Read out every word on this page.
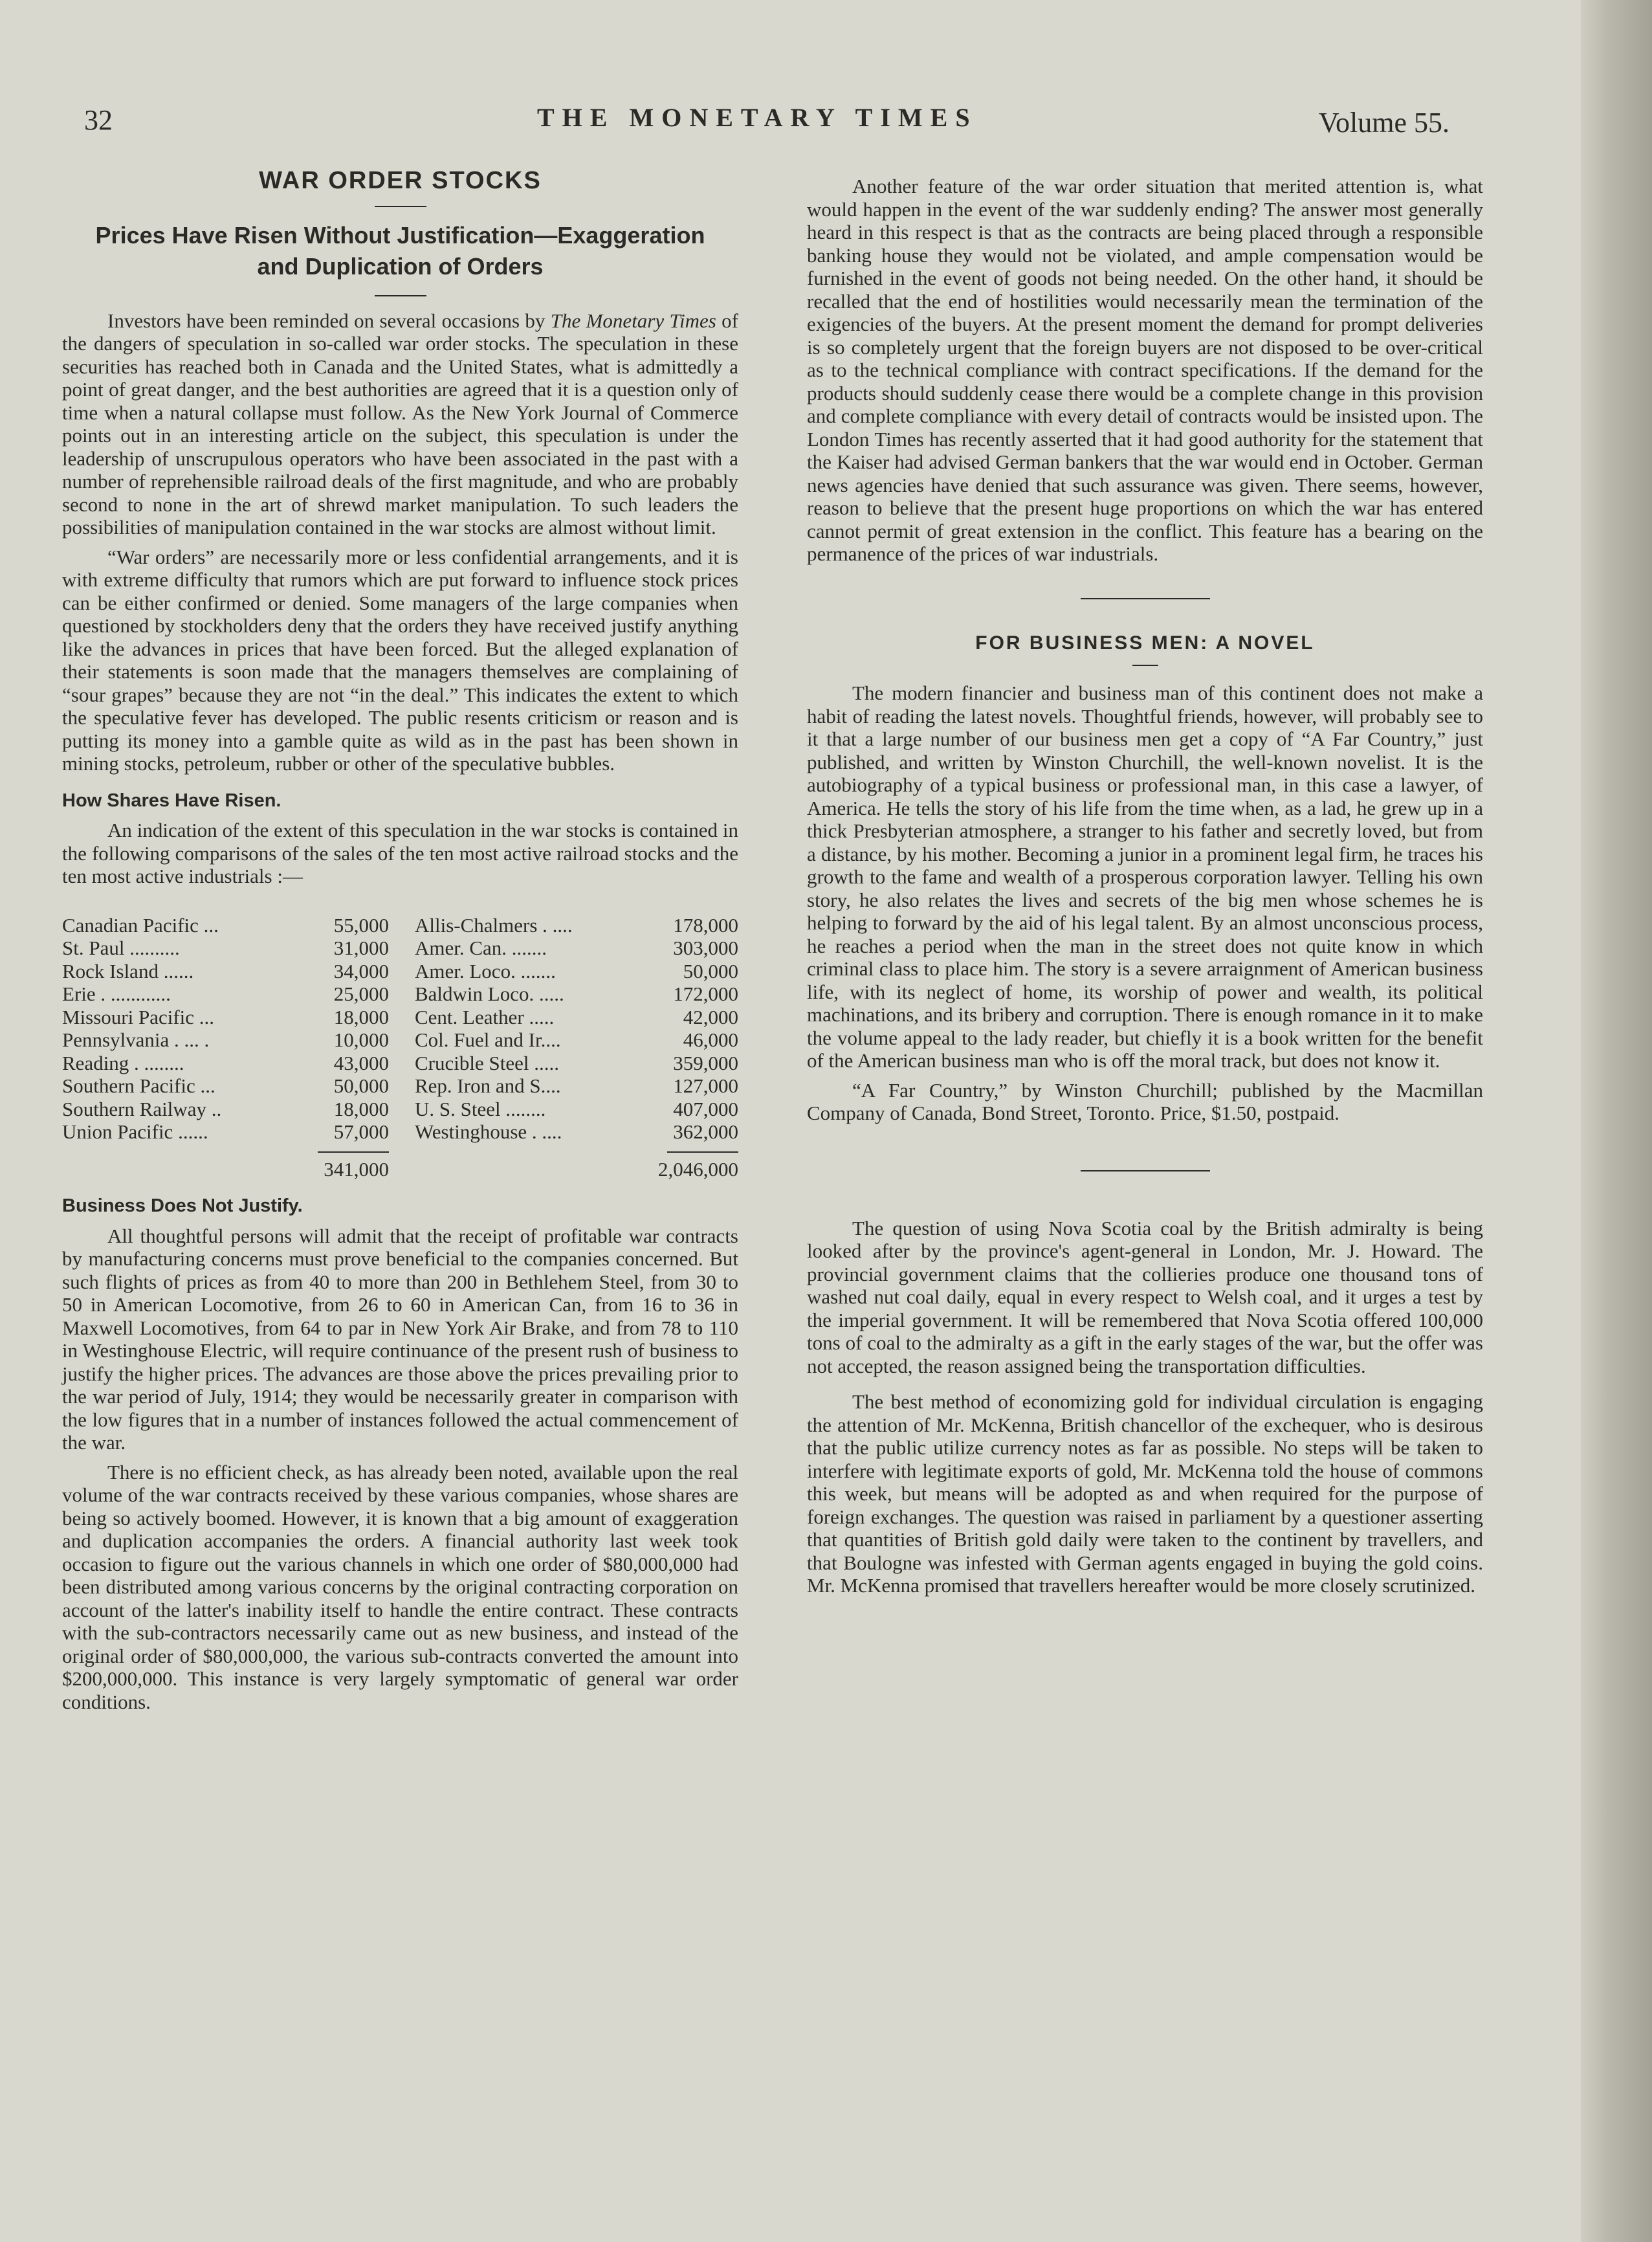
32	THE MONETARY TIMES	Volume 55.
WAR ORDER STOCKS
Prices Have Risen Without Justification—Exaggeration and Duplication of Orders

Investors have been reminded on several occasions by The Monetary Times of the dangers of speculation in so-called war order stocks. The speculation in these securities has reached both in Canada and the United States, what is admittedly a point of great danger, and the best authorities are agreed that it is a question only of time when a natural collapse must follow. As the New York Journal of Commerce points out in an interesting article on the subject, this speculation is under the leadership of unscrupulous operators who have been associated in the past with a number of reprehensible railroad deals of the first magnitude, and who are probably second to none in the art of shrewd market manipulation. To such leaders the possibilities of manipulation contained in the war stocks are almost without limit.

“War orders” are necessarily more or less confidential arrangements, and it is with extreme difficulty that rumors which are put forward to influence stock prices can be either confirmed or denied. Some managers of the large companies when questioned by stockholders deny that the orders they have received justify anything like the advances in prices that have been forced. But the alleged explanation of their statements is soon made that the managers themselves are complaining of “sour grapes” because they are not “in the deal.” This indicates the extent to which the speculative fever has developed. The public resents criticism or reason and is putting its money into a gamble quite as wild as in the past has been shown in mining stocks, petroleum, rubber or other of the speculative bubbles.

How Shares Have Risen.

An indication of the extent of this speculation in the war stocks is contained in the following comparisons of the sales of the ten most active railroad stocks and the ten most active industrials :—

Canadian Pacific ...	55,000 Allis-Chalmers . ....	178,000
St. Paul ..........	31,000 Amer. Can. .......	303,000
Rock Island ......	34,000 Amer. Loco. .......	50,000
Erie . ............	25,000 Baldwin Loco. .....	172,000
Missouri Pacific ...	18,000 Cent. Leather .....	42,000
Pennsylvania . ... .	10,000 Col. Fuel and Ir....	46,000
Reading . ........	43,000 Crucible Steel .....	359,000
Southern Pacific ...	50,000 Rep. Iron and S....	127,000
Southern Railway ..	18,000 U. S. Steel ........	407,000
Union Pacific ......	57,000 Westinghouse . ....	362,000
341,000	2,046,000
Business Does Not Justify.

All thoughtful persons will admit that the receipt of profitable war contracts by manufacturing concerns must prove beneficial to the companies concerned. But such flights of prices as from 40 to more than 200 in Bethlehem Steel, from 30 to 50 in American Locomotive, from 26 to 60 in American Can, from 16 to 36 in Maxwell Locomotives, from 64 to par in New York Air Brake, and from 78 to 110 in Westinghouse Electric, will require continuance of the present rush of business to justify the higher prices. The advances are those above the prices prevailing prior to the war period of July, 1914; they would be necessarily greater in comparison with the low figures that in a number of instances followed the actual commencement of the war.

There is no efficient check, as has already been noted, available upon the real volume of the war contracts received by these various companies, whose shares are being so actively boomed. However, it is known that a big amount of exaggeration and duplication accompanies the orders. A financial authority last week took occasion to figure out the various channels in which one order of $80,000,000 had been distributed among various concerns by the original contracting corporation on account of the latter's inability itself to handle the entire contract. These contracts with the sub-contractors necessarily came out as new business, and instead of the original order of $80,000,000, the various sub-contracts converted the amount into $200,000,000. This instance is very largely symptomatic of general war order conditions.

Another feature of the war order situation that merited attention is, what would happen in the event of the war suddenly ending? The answer most generally heard in this respect is that as the contracts are being placed through a responsible banking house they would not be violated, and ample compensation would be furnished in the event of goods not being needed. On the other hand, it should be recalled that the end of hostilities would necessarily mean the termination of the exigencies of the buyers. At the present moment the demand for prompt deliveries is so completely urgent that the foreign buyers are not disposed to be over-critical as to the technical compliance with contract specifications. If the demand for the products should suddenly cease there would be a complete change in this provision and complete compliance with every detail of contracts would be insisted upon. The London Times has recently asserted that it had good authority for the statement that the Kaiser had advised German bankers that the war would end in October. German news agencies have denied that such assurance was given. There seems, however, reason to believe that the present huge proportions on which the war has entered cannot permit of great extension in the conflict. This feature has a bearing on the permanence of the prices of war industrials.

FOR BUSINESS MEN: A NOVEL

The modern financier and business man of this continent does not make a habit of reading the latest novels. Thoughtful friends, however, will probably see to it that a large number of our business men get a copy of “A Far Country,” just published, and written by Winston Churchill, the well-known novelist. It is the autobiography of a typical business or professional man, in this case a lawyer, of America. He tells the story of his life from the time when, as a lad, he grew up in a thick Presbyterian atmosphere, a stranger to his father and secretly loved, but from a distance, by his mother. Becoming a junior in a prominent legal firm, he traces his growth to the fame and wealth of a prosperous corporation lawyer. Telling his own story, he also relates the lives and secrets of the big men whose schemes he is helping to forward by the aid of his legal talent. By an almost unconscious process, he reaches a period when the man in the street does not quite know in which criminal class to place him. The story is a severe arraignment of American business life, with its neglect of home, its worship of power and wealth, its political machinations, and its bribery and corruption. There is enough romance in it to make the volume appeal to the lady reader, but chiefly it is a book written for the benefit of the American business man who is off the moral track, but does not know it.

“A Far Country,” by Winston Churchill; published by the Macmillan Company of Canada, Bond Street, Toronto. Price, $1.50, postpaid.

The question of using Nova Scotia coal by the British admiralty is being looked after by the province's agent-general in London, Mr. J. Howard. The provincial government claims that the collieries produce one thousand tons of washed nut coal daily, equal in every respect to Welsh coal, and it urges a test by the imperial government. It will be remembered that Nova Scotia offered 100,000 tons of coal to the admiralty as a gift in the early stages of the war, but the offer was not accepted, the reason assigned being the transportation difficulties.

The best method of economizing gold for individual circulation is engaging the attention of Mr. McKenna, British chancellor of the exchequer, who is desirous that the public utilize currency notes as far as possible. No steps will be taken to interfere with legitimate exports of gold, Mr. McKenna told the house of commons this week, but means will be adopted as and when required for the purpose of foreign exchanges. The question was raised in parliament by a questioner asserting that quantities of British gold daily were taken to the continent by travellers, and that Boulogne was infested with German agents engaged in buying the gold coins. Mr. McKenna promised that travellers hereafter would be more closely scrutinized.
